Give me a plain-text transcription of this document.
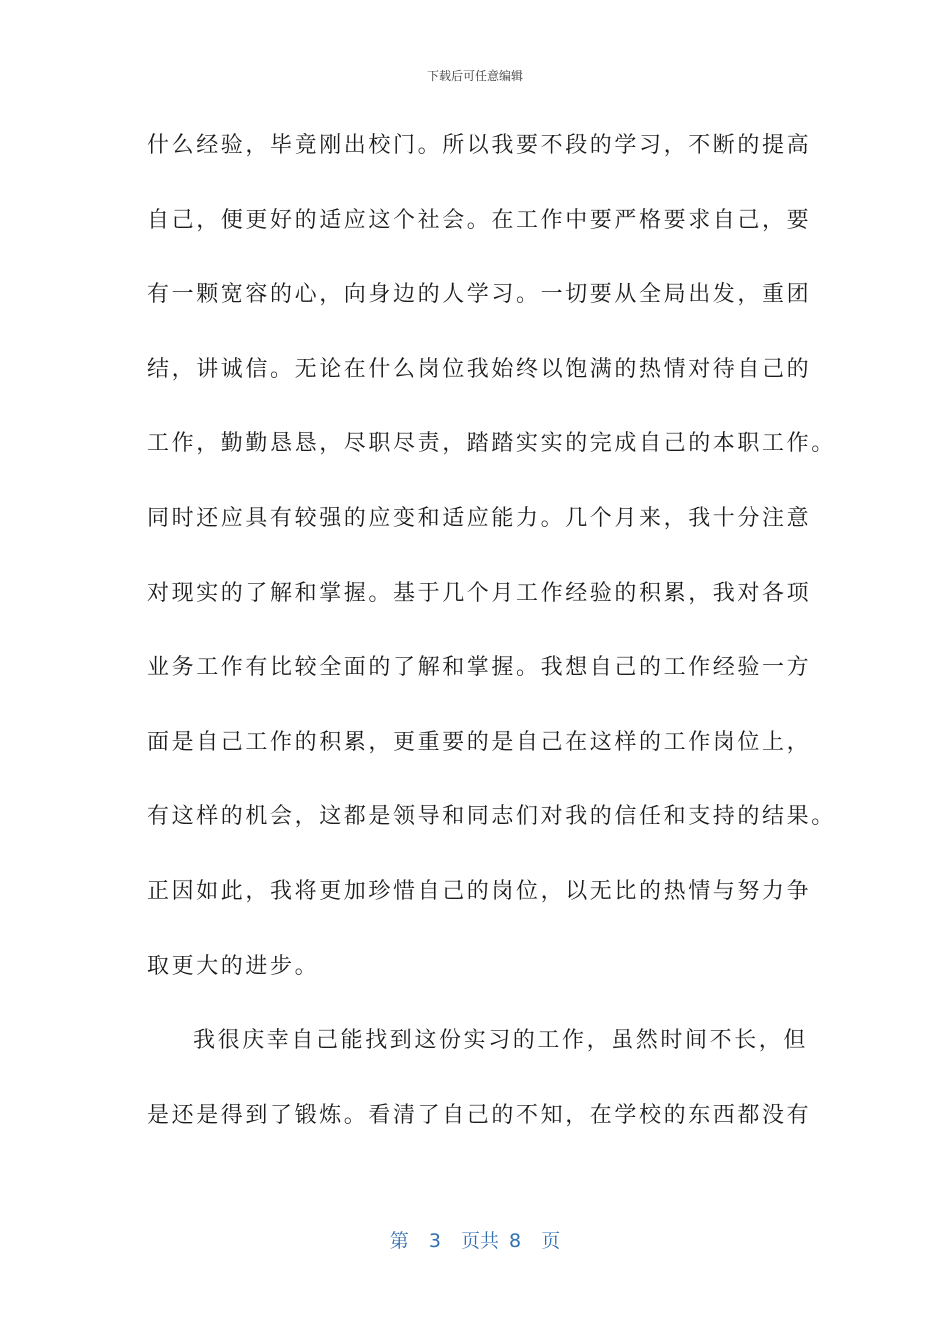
下载后可任意编辑
什么经验，毕竟刚出校门。所以我要不段的学习，不断的提高
自己，便更好的适应这个社会。在工作中要严格要求自己，要
有一颗宽容的心，向身边的人学习。一切要从全局出发，重团
结，讲诚信。无论在什么岗位我始终以饱满的热情对待自己的
工作，勤勤恳恳，尽职尽责，踏踏实实的完成自己的本职工作。
同时还应具有较强的应变和适应能力。几个月来，我十分注意
对现实的了解和掌握。基于几个月工作经验的积累，我对各项
业务工作有比较全面的了解和掌握。我想自己的工作经验一方
面是自己工作的积累，更重要的是自己在这样的工作岗位上，
有这样的机会，这都是领导和同志们对我的信任和支持的结果。
正因如此，我将更加珍惜自己的岗位，以无比的热情与努力争
取更大的进步。
我很庆幸自己能找到这份实习的工作，虽然时间不长，但
是还是得到了锻炼。看清了自己的不知，在学校的东西都没有
第  3  页共 8  页
